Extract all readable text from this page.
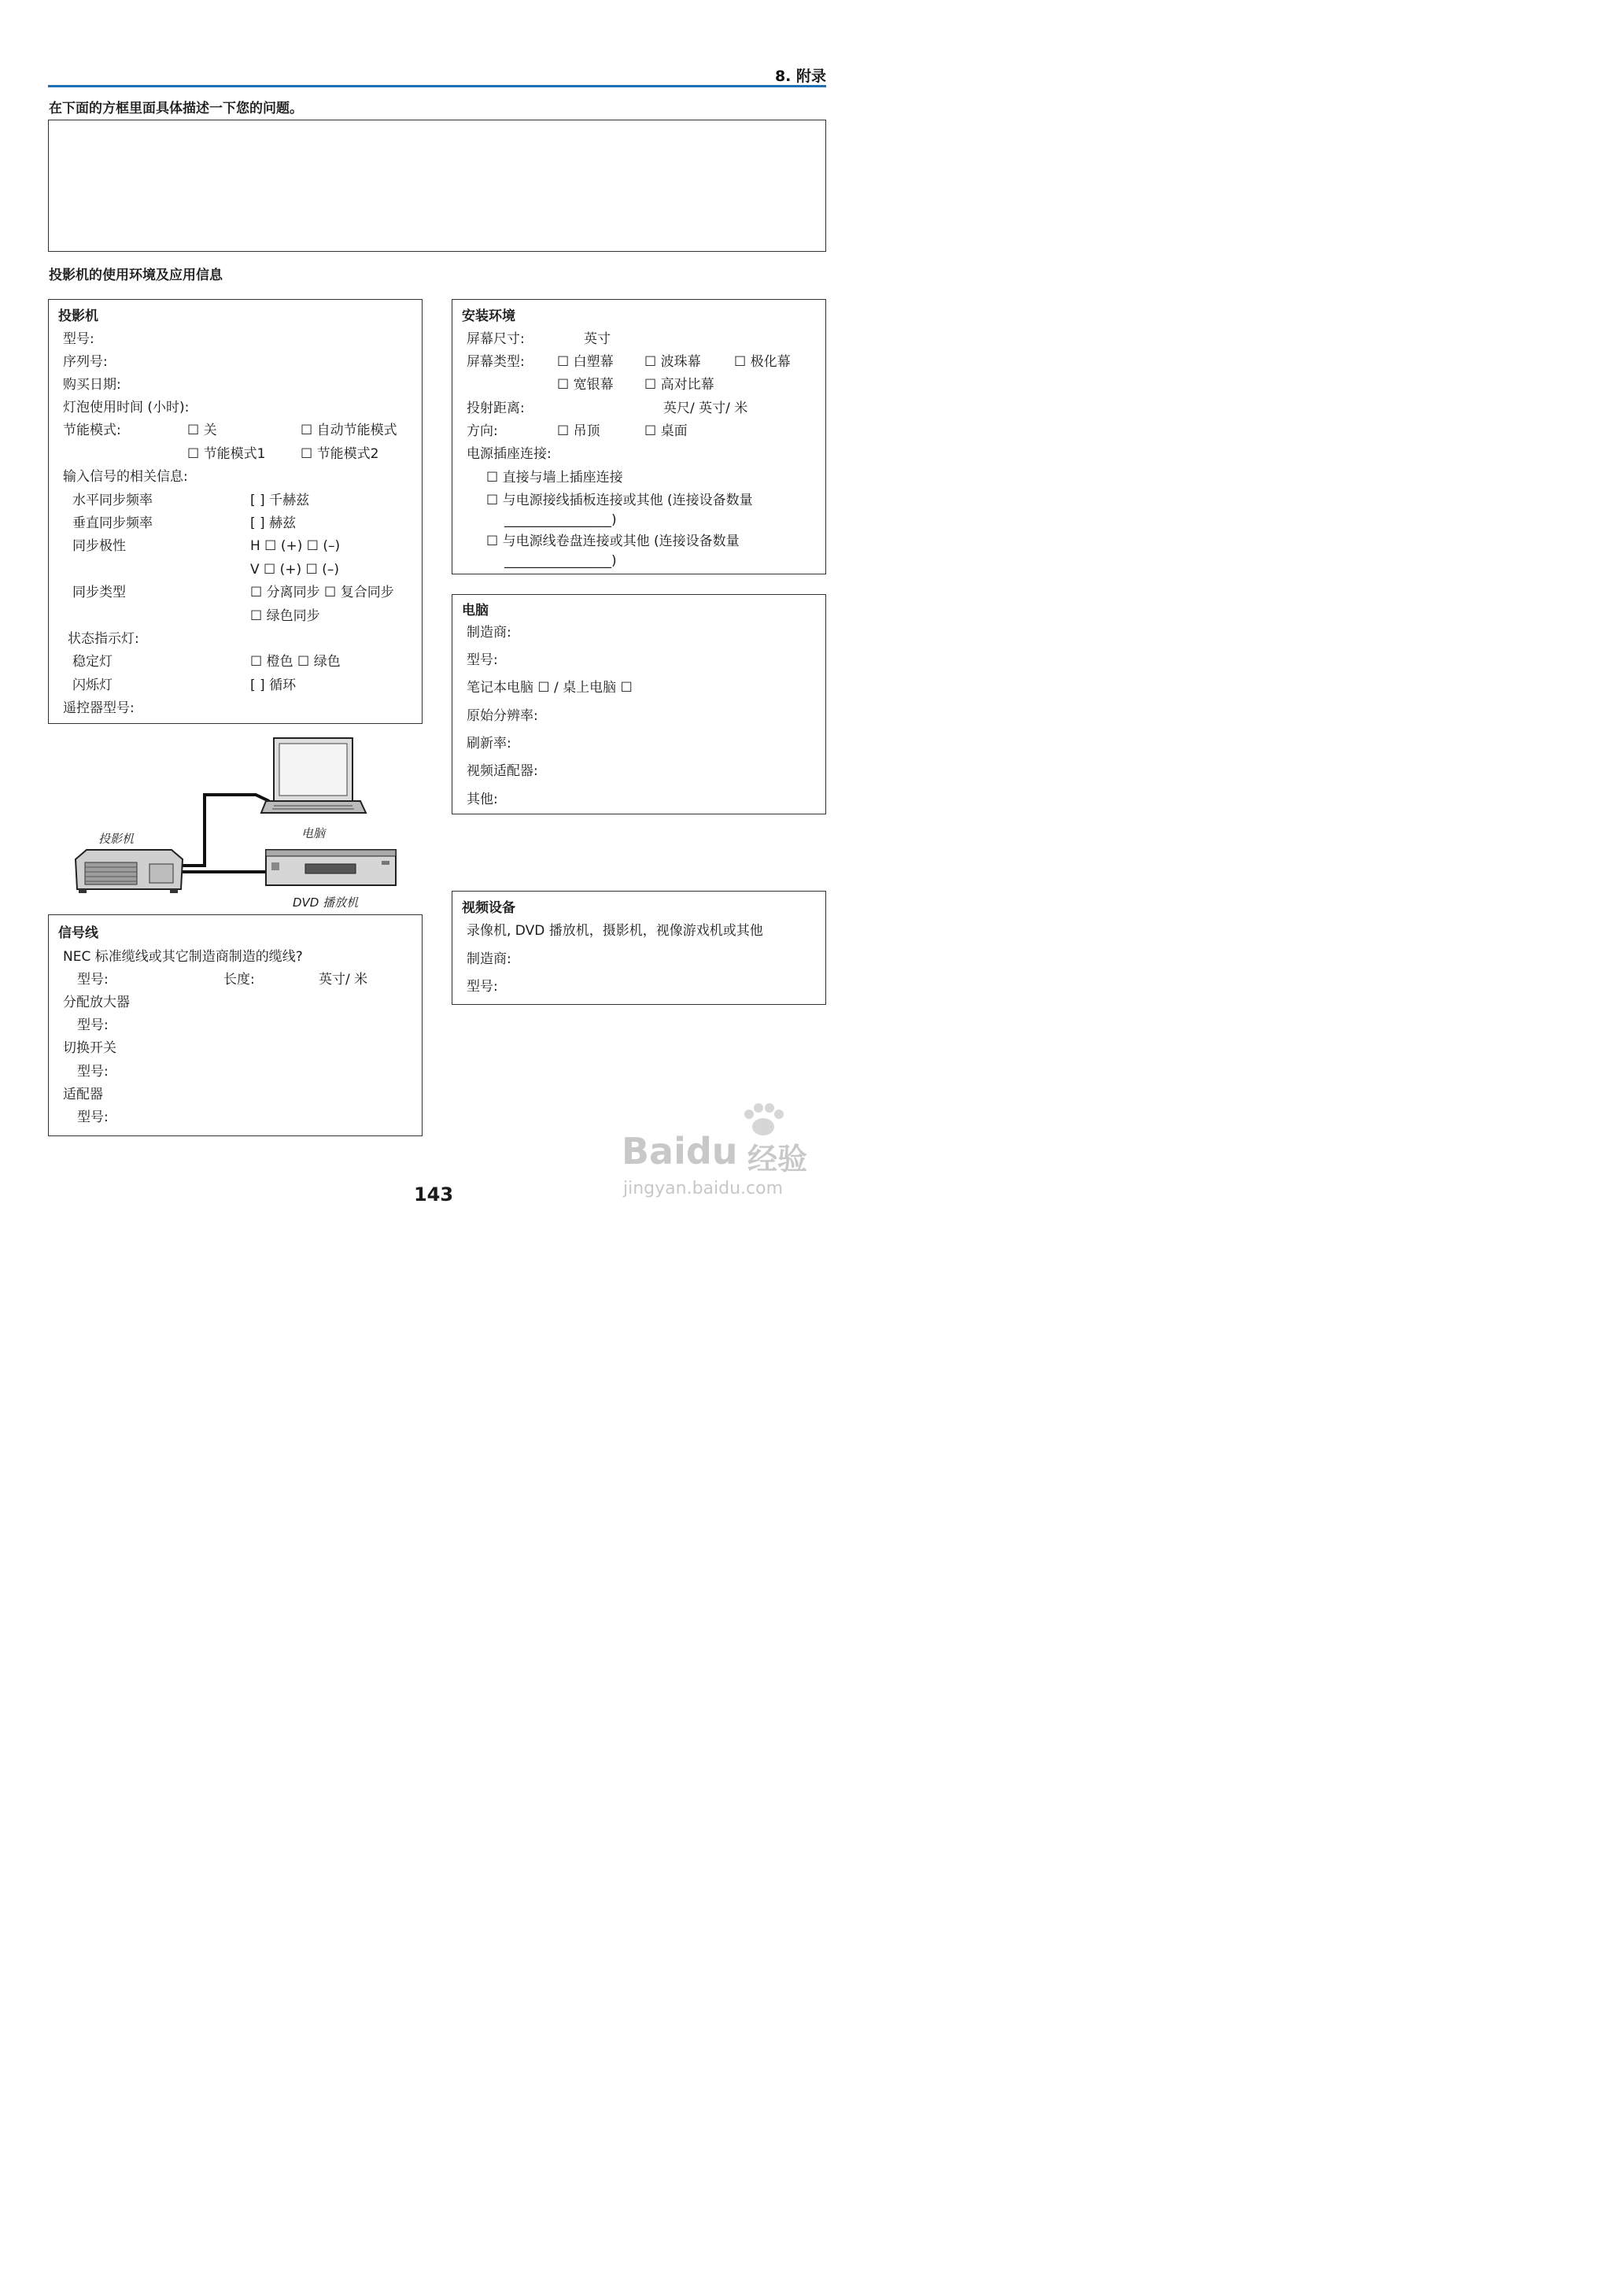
8. 附录
在下面的方框里面具体描述一下您的问题。
投影机的使用环境及应用信息
投影机
型号:
序列号:
购买日期:
灯泡使用时间 (小时):
节能模式:	☐ 关	☐ 自动节能模式
☐ 节能模式1	☐ 节能模式2
输入信号的相关信息:
水平同步频率	[ ] 千赫兹
垂直同步频率	[ ] 赫兹
同步极性	H ☐ (+) ☐ (–)
V ☐ (+) ☐ (–)
同步类型	☐ 分离同步 ☐ 复合同步
☐ 绿色同步
状态指示灯:
稳定灯	☐ 橙色 ☐ 绿色
闪烁灯	[ ] 循环
遥控器型号:
安装环境
屏幕尺寸:	英寸
屏幕类型: ☐ 白塑幕 ☐ 波珠幕 ☐ 极化幕
☐ 宽银幕 ☐ 高对比幕
投射距离:	英尺/ 英寸/ 米
方向:	☐ 吊顶	☐ 桌面
电源插座连接:
☐ 直接与墙上插座连接
☐ 与电源接线插板连接或其他 (连接设备数量
________________)
☐ 与电源线卷盘连接或其他 (连接设备数量
________________)
电脑
制造商:
型号:
笔记本电脑 ☐ / 桌上电脑 ☐
原始分辨率:
刷新率:
视频适配器:
其他:
投影机	电脑
DVD 播放机
信号线
NEC 标准缆线或其它制造商制造的缆线?
型号:	长度:	英寸/ 米
分配放大器
型号:
切换开关
型号:
适配器
型号:
视频设备
录像机, DVD 播放机，摄影机，视像游戏机或其他
制造商:
型号:
143
Baidu 经验
jingyan.baidu.com
